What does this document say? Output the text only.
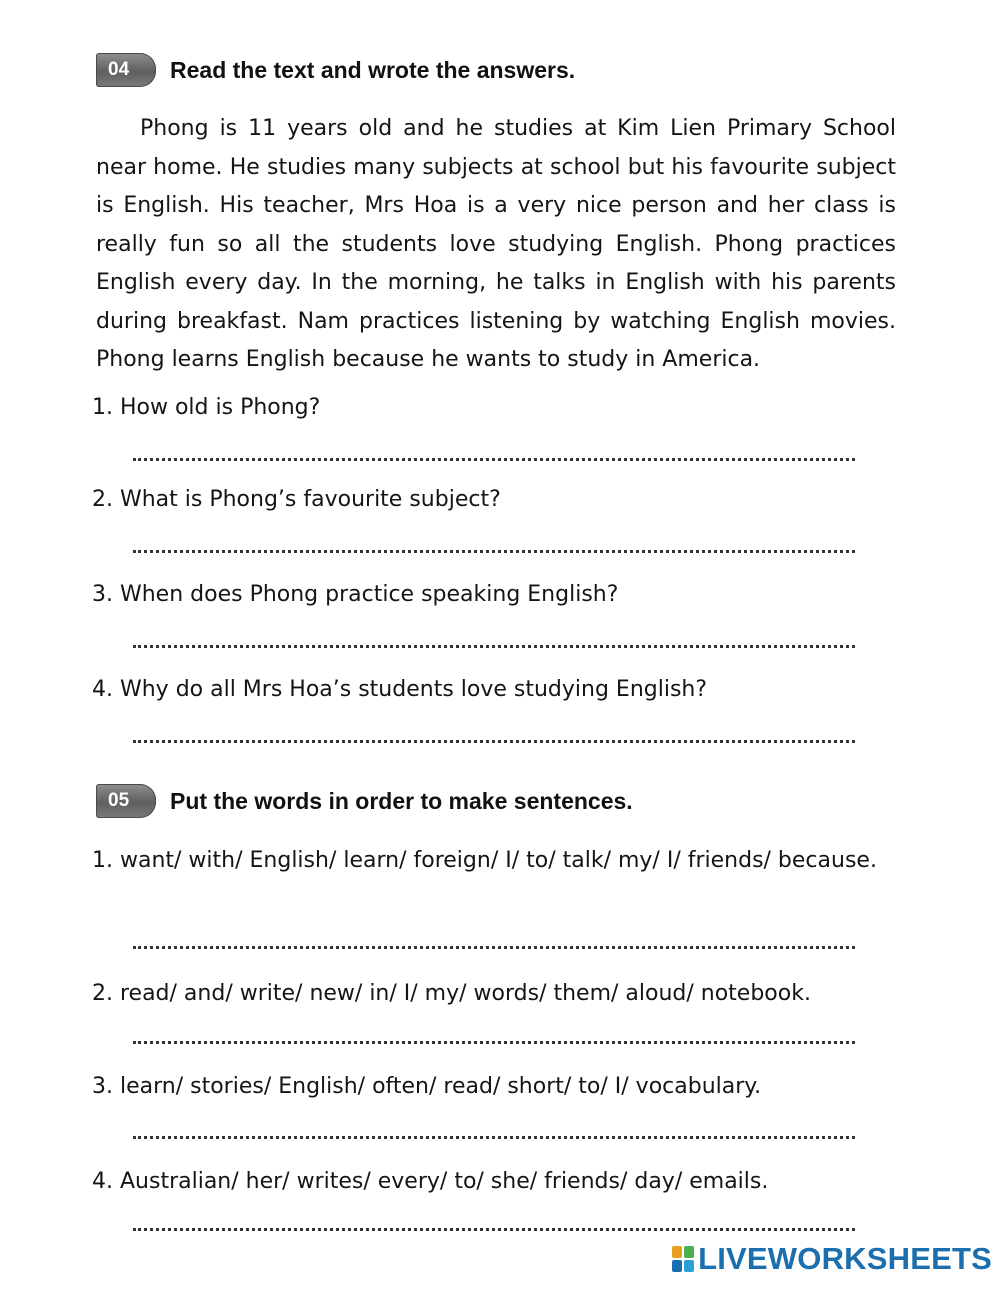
04	Read the text and wrote the answers.
Phong is 11 years old and he studies at Kim Lien Primary School near home. He studies many subjects at school but his favourite subject is English. His teacher, Mrs Hoa is a very nice person and her class is really fun so all the students love studying English. Phong practices English every day. In the morning, he talks in English with his parents during breakfast. Nam practices listening by watching English movies. Phong learns English because he wants to study in America.
1. How old is Phong?
2. What is Phong’s favourite subject?
3. When does Phong practice speaking English?
4. Why do all Mrs Hoa’s students love studying English?
05	Put the words in order to make sentences.
1. want/ with/ English/ learn/ foreign/ I/ to/ talk/ my/ I/ friends/ because.
2. read/ and/ write/ new/ in/ I/ my/ words/ them/ aloud/ notebook.
3. learn/ stories/ English/ often/ read/ short/ to/ I/ vocabulary.
4. Australian/ her/ writes/ every/ to/ she/ friends/ day/ emails.
LIVEWORKSHEETS
